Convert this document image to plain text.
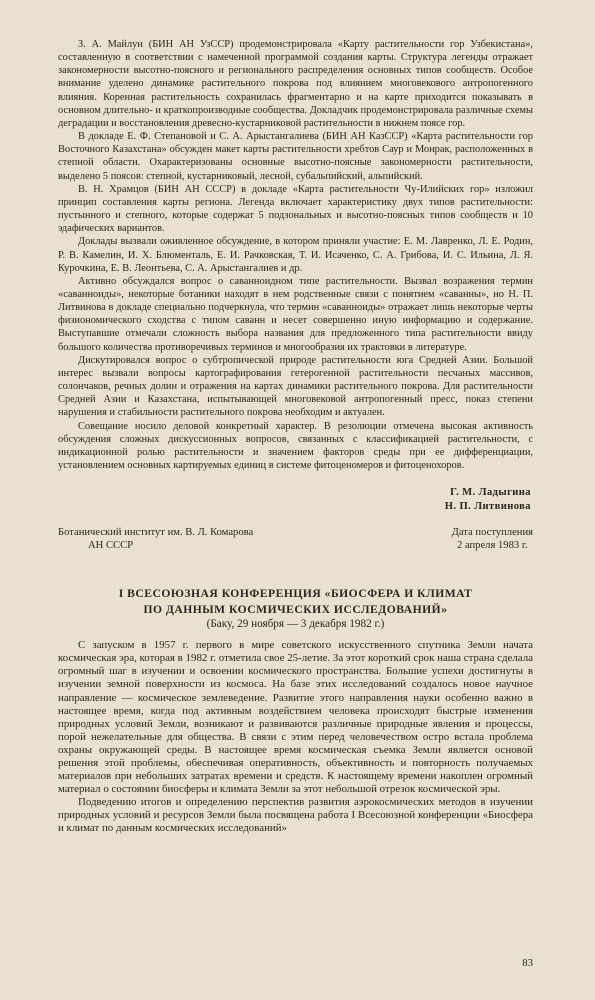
З. А. Майлун (БИН АН УзССР) продемонстрировала «Карту растительности гор Узбекистана», составленную в соответствии с намеченной программой создания карты. Структура легенды отражает закономерности высотно-поясного и регионального распределения основных типов сообществ. Особое внимание уделено динамике растительного покрова под влиянием многовекового антропогенного влияния. Коренная растительность сохранилась фрагментарно и на карте приходится показывать в основном длительно- и краткопроизводные сообщества. Докладчик продемонстрировала различные схемы деградации и восстановления древесно-кустарниковой растительности в нижнем поясе гор.

В докладе Е. Ф. Степановой и С. А. Арыстангалиева (БИН АН КазССР) «Карта растительности гор Восточного Казахстана» обсужден макет карты растительности хребтов Саур и Монрак, расположенных в степной области. Охарактеризованы основные высотно-поясные закономерности растительности, выделено 5 поясов: степной, кустарниковый, лесной, субальпийский, альпийский.

В. Н. Храмцов (БИН АН СССР) в докладе «Карта растительности Чу-Илийских гор» изложил принцип составления карты региона. Легенда включает характеристику двух типов растительности: пустынного и степного, которые содержат 5 подзональных и высотно-поясных типов сообществ и 10 эдафических вариантов.

Доклады вызвали оживленное обсуждение, в котором приняли участие: Е. М. Лавренко, Л. Е. Родин, Р. В. Камелин, И. Х. Блюменталь, Е. И. Рачковская, Т. И. Исаченко, С. А. Грибова, И. С. Ильина, Л. Я. Курочкина, Е. В. Леонтьева, С. А. Арыстангалиев и др.

Активно обсуждался вопрос о саванноидном типе растительности. Вызвал возражения термин «саванноиды», некоторые ботаники находят в нем родственные связи с понятием «саванны», но Н. П. Литвинова в докладе специально подчеркнула, что термин «саванноиды» отражает лишь некоторые черты физиономического сходства с типом саванн и несет совершенно иную информацию и содержание. Выступавшие отмечали сложность выбора названия для предложенного типа растительности ввиду большого количества противоречивых терминов и многообразия их трактовки в литературе.

Дискутировался вопрос о субтропической природе растительности юга Средней Азии. Большой интерес вызвали вопросы картографирования гетерогенной растительности песчаных массивов, солончаков, речных долин и отражения на картах динамики растительного покрова. Для растительности Средней Азии и Казахстана, испытывающей многовековой антропогенный пресс, показ степени нарушения и стабильности растительного покрова необходим и актуален.

Совещание носило деловой конкретный характер. В резолюции отмечена высокая активность обсуждения сложных дискуссионных вопросов, связанных с классификацией растительности, с индикационной ролью растительности и значением факторов среды при ее дифференциации, установлением основных картируемых единиц в системе фитоценомеров и фитоценохоров.

Г. М. Ладыгина
Н. П. Литвинова
Ботанический институт им. В. Л. Комарова
АН СССР
Дата поступления
2 апреля 1983 г.
I ВСЕСОЮЗНАЯ КОНФЕРЕНЦИЯ «БИОСФЕРА И КЛИМАТ
ПО ДАННЫМ КОСМИЧЕСКИХ ИССЛЕДОВАНИЙ»
(Баку, 29 ноября — 3 декабря 1982 г.)

С запуском в 1957 г. первого в мире советского искусственного спутника Земли начата космическая эра, которая в 1982 г. отметила свое 25-летие. За этот короткий срок наша страна сделала огромный шаг в изучении и освоении космического пространства. Большие успехи достигнуты в изучении земной поверхности из космоса. На базе этих исследований создалось новое научное направление — космическое землеведение. Развитие этого направления науки особенно важно в настоящее время, когда под активным воздействием человека происходят быстрые изменения природных условий Земли, возникают и развиваются различные природные явления и процессы, порой нежелательные для общества. В связи с этим перед человечеством остро встала проблема охраны окружающей среды. В настоящее время космическая съемка Земли является основой решения этой проблемы, обеспечивая оперативность, объективность и повторность получаемых материалов при небольших затратах времени и средств. К настоящему времени накоплен огромный материал о состоянии биосферы и климата Земли за этот небольшой отрезок космической эры.

Подведению итогов и определению перспектив развития аэрокосмических методов в изучении природных условий и ресурсов Земли была посвящена работа I Всесоюзной конференции «Биосфера и климат по данным космических исследований»

83
